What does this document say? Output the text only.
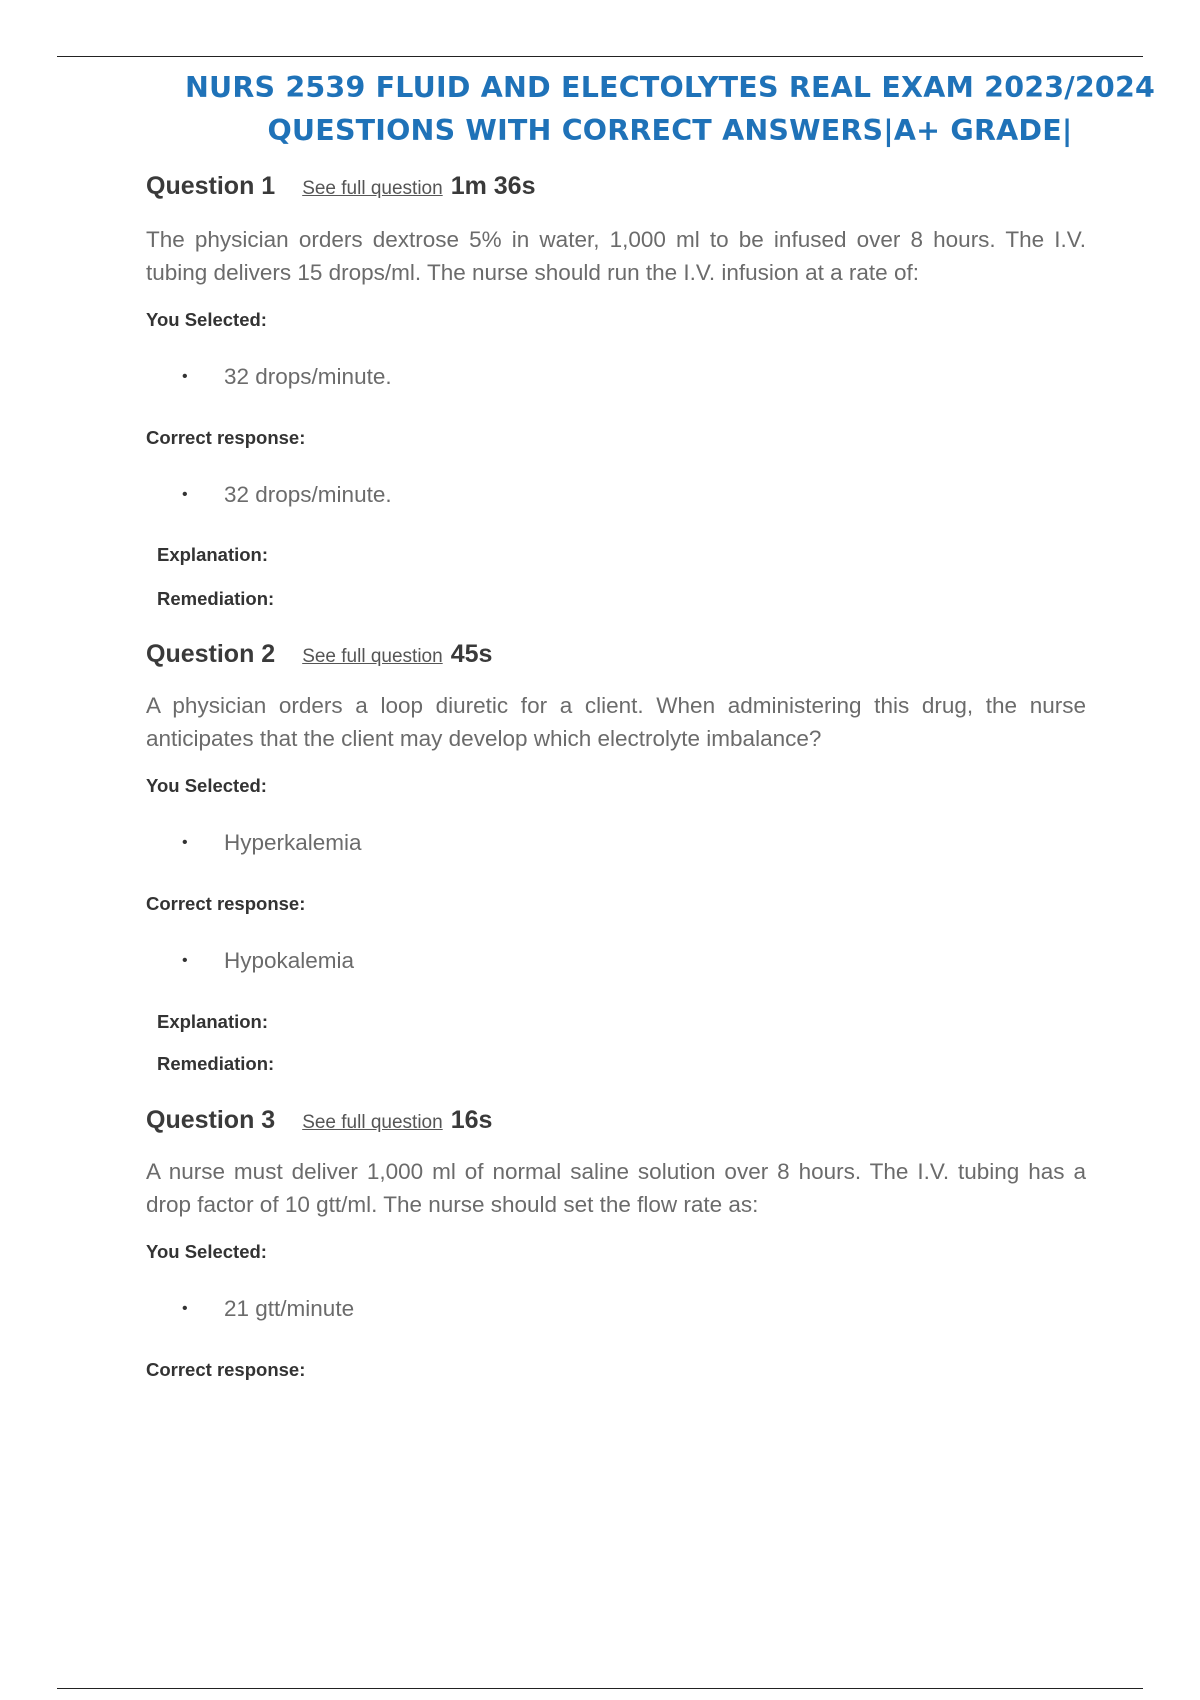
NURS 2539 FLUID AND ELECTOLYTES REAL EXAM 2023/2024
QUESTIONS WITH CORRECT ANSWERS|A+ GRADE|
Question 1 See full question 1m 36s
The physician orders dextrose 5% in water, 1,000 ml to be infused over 8 hours. The I.V. tubing delivers 15 drops/ml. The nurse should run the I.V. infusion at a rate of:
You Selected:
• 32 drops/minute.
Correct response:
• 32 drops/minute.
Explanation:
Remediation:
Question 2 See full question 45s
A physician orders a loop diuretic for a client. When administering this drug, the nurse anticipates that the client may develop which electrolyte imbalance?
You Selected:
• Hyperkalemia
Correct response:
• Hypokalemia
Explanation:
Remediation:
Question 3 See full question 16s
A nurse must deliver 1,000 ml of normal saline solution over 8 hours. The I.V. tubing has a drop factor of 10 gtt/ml. The nurse should set the flow rate as:
You Selected:
• 21 gtt/minute
Correct response:
